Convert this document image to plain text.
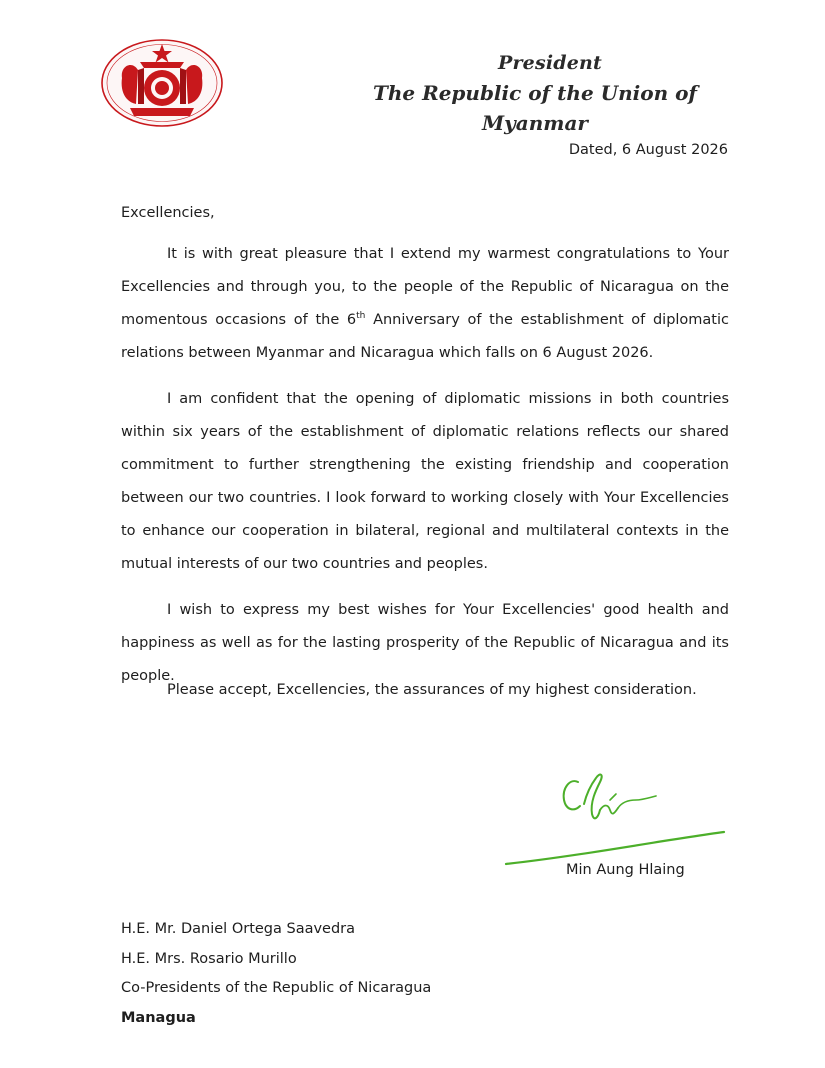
President
The Republic of the Union of Myanmar
Dated, 6 August 2026
Excellencies,
It is with great pleasure that I extend my warmest congratulations to Your Excellencies and through you, to the people of the Republic of Nicaragua on the momentous occasions of the 6th Anniversary of the establishment of diplomatic relations between Myanmar and Nicaragua which falls on 6 August 2026.
I am confident that the opening of diplomatic missions in both countries within six years of the establishment of diplomatic relations reflects our shared commitment to further strengthening the existing friendship and cooperation between our two countries. I look forward to working closely with Your Excellencies to enhance our cooperation in bilateral, regional and multilateral contexts in the mutual interests of our two countries and peoples.
I wish to express my best wishes for Your Excellencies' good health and happiness as well as for the lasting prosperity of the Republic of Nicaragua and its people.
Please accept, Excellencies, the assurances of my highest consideration.
Min Aung Hlaing
H.E. Mr. Daniel Ortega Saavedra
H.E. Mrs. Rosario Murillo
Co-Presidents of the Republic of Nicaragua
Managua
